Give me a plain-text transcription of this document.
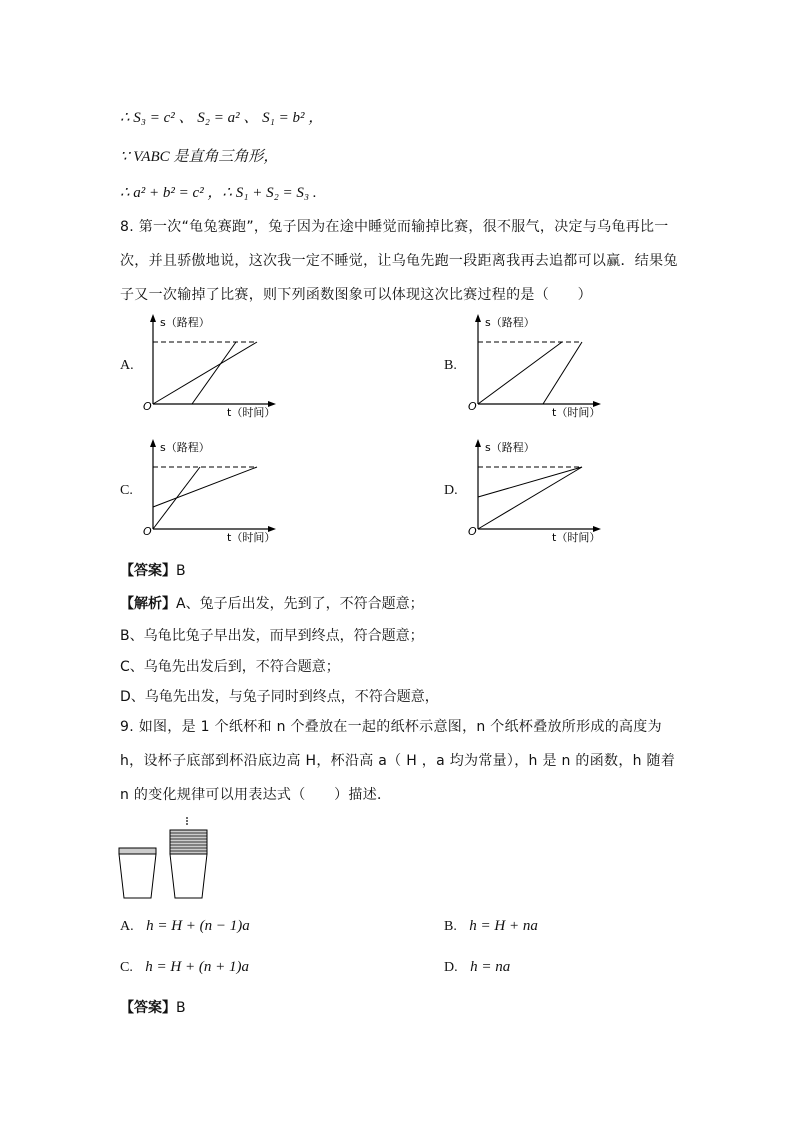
∴ S₃ = c² 、 S₂ = a² 、 S₁ = b² ，
∵ VABC 是直角三角形，
∴ a² + b² = c² ，∴ S₁ + S₂ = S₃ .
8. 第一次“龟兔赛跑”，兔子因为在途中睡觉而输掉比赛，很不服气，决定与乌龟再比一次，并且骄傲地说，这次我一定不睡觉，让乌龟先跑一段距离我再去追都可以赢．结果兔子又一次输掉了比赛，则下列函数图象可以体现这次比赛过程的是（　　）
A.
s（路程）
O	t（时间）
B.
s（路程）
O	t（时间）
C.
s（路程）
O	t（时间）
D.
s（路程）
O	t（时间）
【答案】B
【解析】A、兔子后出发，先到了，不符合题意；
B、乌龟比兔子早出发，而早到终点，符合题意；
C、乌龟先出发后到，不符合题意；
D、乌龟先出发，与兔子同时到终点，不符合题意，
9. 如图，是 1 个纸杯和 n 个叠放在一起的纸杯示意图，n 个纸杯叠放所形成的高度为 h，设杯子底部到杯沿底边高 H，杯沿高 a（ H ，a 均为常量），h 是 n 的函数，h 随着 n 的变化规律可以用表达式（　　）描述．
A. h = H + (n − 1)a	B. h = H + na
C. h = H + (n + 1)a	D. h = na
【答案】B
